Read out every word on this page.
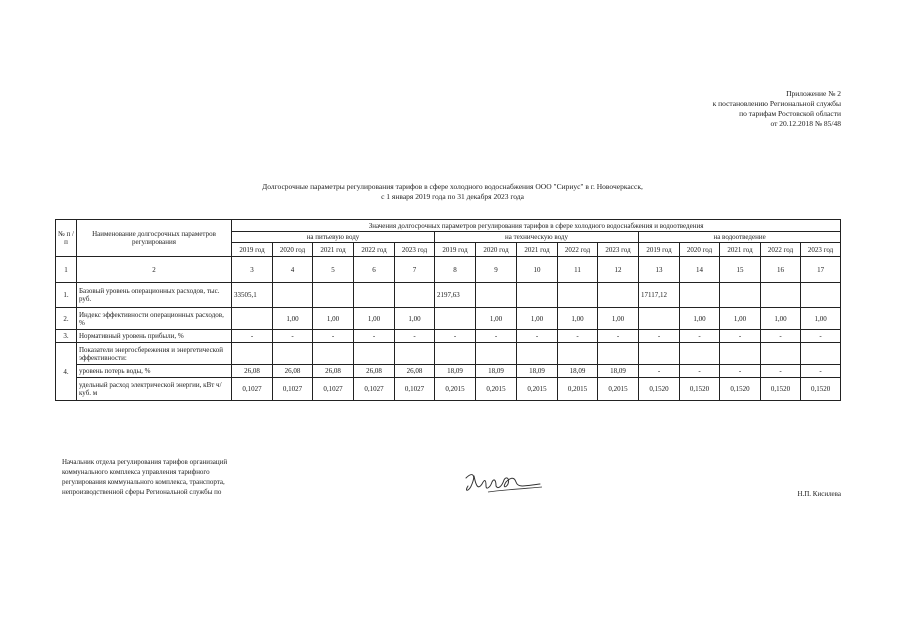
Приложение № 2
к постановлению Региональной службы
по тарифам Ростовской области
от 20.12.2018 № 85/48
Долгосрочные параметры регулирования тарифов в сфере холодного водоснабжения ООО "Сириус" в г. Новочеркасск,
с 1 января 2019 года по 31 декабря 2023 года
№ п /п	Наименование долгосрочных параметров регулирования	Значения долгосрочных параметров регулирования тарифов в сфере холодного водоснабжения и водоотведения														
		на питьевую воду					на техническую воду					на водоотведение				
		2019 год	2020 год	2021 год	2022 год	2023 год	2019 год	2020 год	2021 год	2022 год	2023 год	2019 год	2020 год	2021 год	2022 год	2023 год
1	2	3	4	5	6	7	8	9	10	11	12	13	14	15	16	17
1.	Базовый уровень операционных расходов, тыс. руб.	33505,1					2197,63					17117,12				
2.	Индекс эффективности операционных расходов, %		1,00	1,00	1,00	1,00		1,00	1,00	1,00	1,00		1,00	1,00	1,00	1,00
3.	Нормативный уровень прибыли, %	-	-	-	-	-	-	-	-	-	-	-	-	-	-	-
4.	Показатели энергосбережения и энергетической эффективности:															
	уровень потерь воды, %	26,08	26,08	26,08	26,08	26,08	18,09	18,09	18,09	18,09	18,09	-	-	-	-	-
	удельный расход электрической энергии, кВт ч/куб. м	0,1027	0,1027	0,1027	0,1027	0,1027	0,2015	0,2015	0,2015	0,2015	0,2015	0,1520	0,1520	0,1520	0,1520	0,1520
Начальник отдела регулирования тарифов организаций
коммунального комплекса управления тарифного
регулирования коммунального комплекса, транспорта,
непроизводственной сферы Региональной службы по	Н.П. Кисилева
